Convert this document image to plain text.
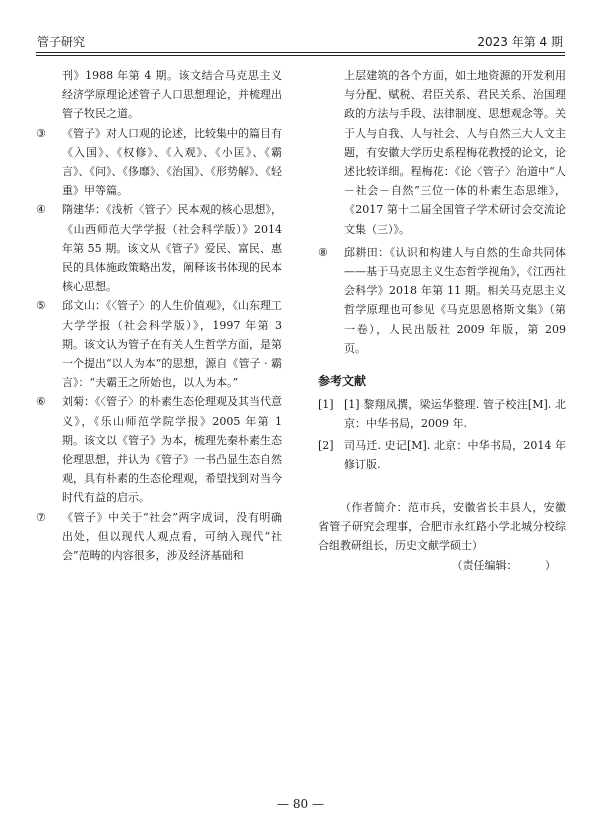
管子研究	2023 年第 4 期

刊》1988 年第 4 期。该文结合马克思主义经济学原理论述管子人口思想理论，并梳理出管子牧民之道。

③ 《管子》对人口观的论述，比较集中的篇目有《入国》、《权修》、《入观》、《小匡》、《霸言》、《问》、《侈靡》、《治国》、《形势解》、《轻重》甲等篇。
④ 隋建华：《浅析〈管子〉民本观的核心思想》，《山西师范大学学报（社会科学版）》2014 年第 55 期。该文从《管子》爱民、富民、惠民的具体施政策略出发，阐释该书体现的民本核心思想。
⑤ 邱文山：《〈管子〉的人生价值观》，《山东理工大学学报（社会科学版）》，1997 年第 3 期。该文认为管子在有关人生哲学方面，是第一个提出“以人为本”的思想，源自《管子 · 霸言》：“夫霸王之所始也，以人为本。”
⑥ 刘菊：《〈管子〉的朴素生态伦理观及其当代意义》，《乐山师范学院学报》2005 年第 1 期。该文以《管子》为本，梳理先秦朴素生态伦理思想，并认为《管子》一书凸显生态自然观，具有朴素的生态伦理观，希望找到对当今时代有益的启示。
⑦ 《管子》中关于“社会”两字成词，没有明确出处，但以现代人观点看，可纳入现代“社会”范畴的内容很多，涉及经济基础和

上层建筑的各个方面，如土地资源的开发利用与分配、赋税、君臣关系、君民关系、治国理政的方法与手段、法律制度、思想观念等。关于人与自我、人与社会、人与自然三大人文主题，有安徽大学历史系程梅花教授的论文，论述比较详细。程梅花：《论〈管子〉治道中“人－社会－自然”三位一体的朴素生态思维》，《2017 第十二届全国管子学术研讨会交流论文集（三）》。

⑧ 邱耕田：《认识和构建人与自然的生命共同体——基于马克思主义生态哲学视角》，《江西社会科学》2018 年第 11 期。相关马克思主义哲学原理也可参见《马克思恩格斯文集》（第一卷），人民出版社 2009 年版，第 209 页。
参考文献
[1] [1] 黎翔凤撰，梁运华整理. 管子校注[M]. 北京：中华书局，2009 年.
[2] 司马迁. 史记[M]. 北京：中华书局，2014 年修订版.
（作者简介：范市兵，安徽省长丰县人，安徽省管子研究会理事，合肥市永红路小学北城分校综合组教研组长，历史文献学硕士）
（责任编辑：　　　）
— 80 —
